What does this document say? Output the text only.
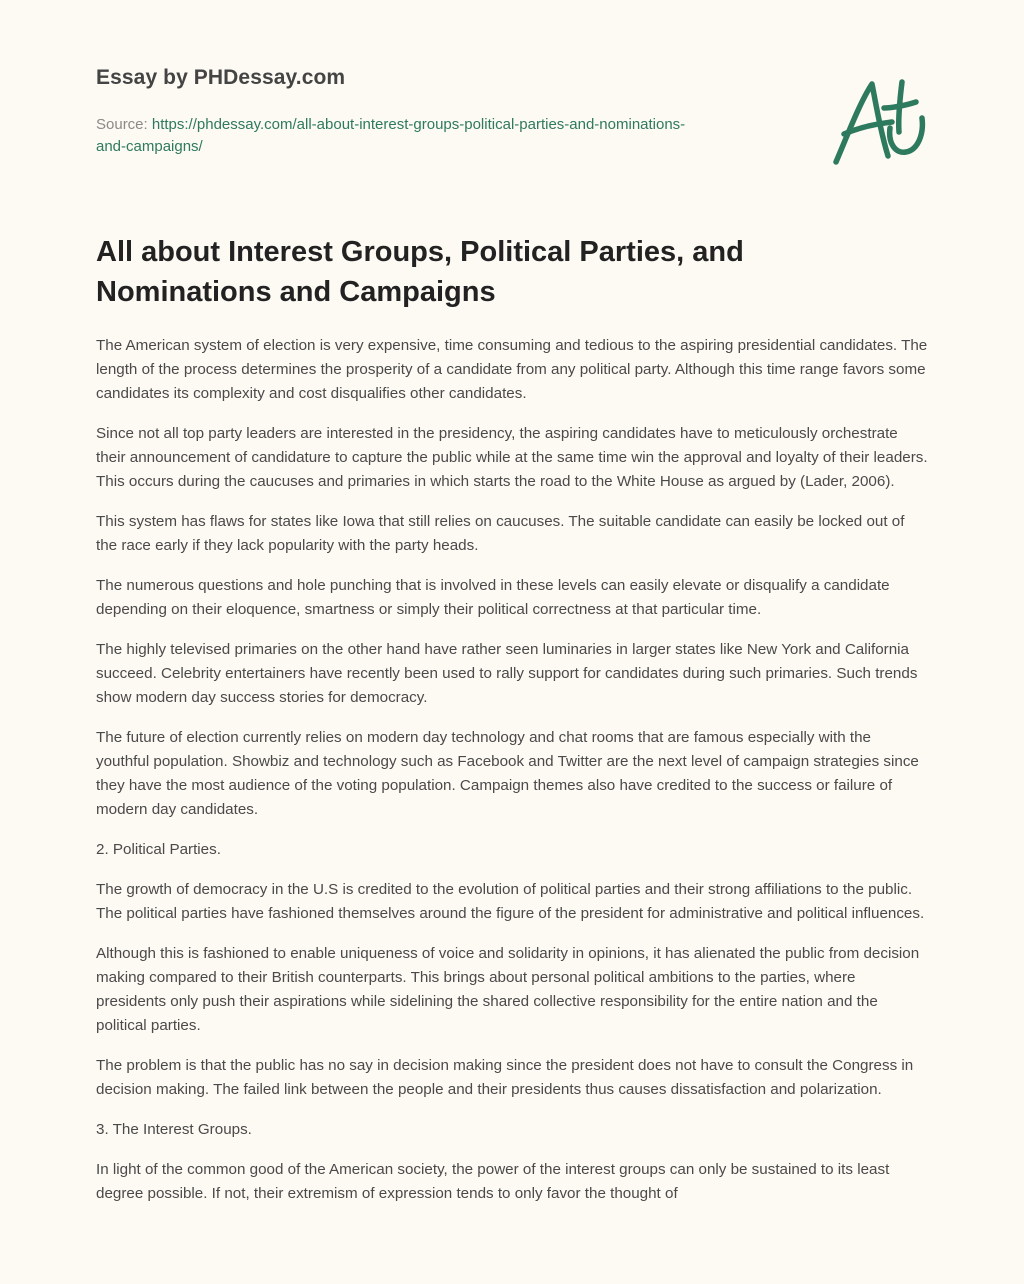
Essay by PHDessay.com
Source: https://phdessay.com/all-about-interest-groups-political-parties-and-nominations-and-campaigns/
All about Interest Groups, Political Parties, and Nominations and Campaigns

The American system of election is very expensive, time consuming and tedious to the aspiring presidential candidates. The length of the process determines the prosperity of a candidate from any political party. Although this time range favors some candidates its complexity and cost disqualifies other candidates.

Since not all top party leaders are interested in the presidency, the aspiring candidates have to meticulously orchestrate their announcement of candidature to capture the public while at the same time win the approval and loyalty of their leaders. This occurs during the caucuses and primaries in which starts the road to the White House as argued by (Lader, 2006).

This system has flaws for states like Iowa that still relies on caucuses. The suitable candidate can easily be locked out of the race early if they lack popularity with the party heads.

The numerous questions and hole punching that is involved in these levels can easily elevate or disqualify a candidate depending on their eloquence, smartness or simply their political correctness at that particular time.

The highly televised primaries on the other hand have rather seen luminaries in larger states like New York and California succeed. Celebrity entertainers have recently been used to rally support for candidates during such primaries. Such trends show modern day success stories for democracy.

The future of election currently relies on modern day technology and chat rooms that are famous especially with the youthful population. Showbiz and technology such as Facebook and Twitter are the next level of campaign strategies since they have the most audience of the voting population. Campaign themes also have credited to the success or failure of modern day candidates.

2. Political Parties.

The growth of democracy in the U.S is credited to the evolution of political parties and their strong affiliations to the public. The political parties have fashioned themselves around the figure of the president for administrative and political influences.

Although this is fashioned to enable uniqueness of voice and solidarity in opinions, it has alienated the public from decision making compared to their British counterparts. This brings about personal political ambitions to the parties, where presidents only push their aspirations while sidelining the shared collective responsibility for the entire nation and the political parties.

The problem is that the public has no say in decision making since the president does not have to consult the Congress in decision making. The failed link between the people and their presidents thus causes dissatisfaction and polarization.

3. The Interest Groups.

In light of the common good of the American society, the power of the interest groups can only be sustained to its least degree possible. If not, their extremism of expression tends to only favor the thought of
